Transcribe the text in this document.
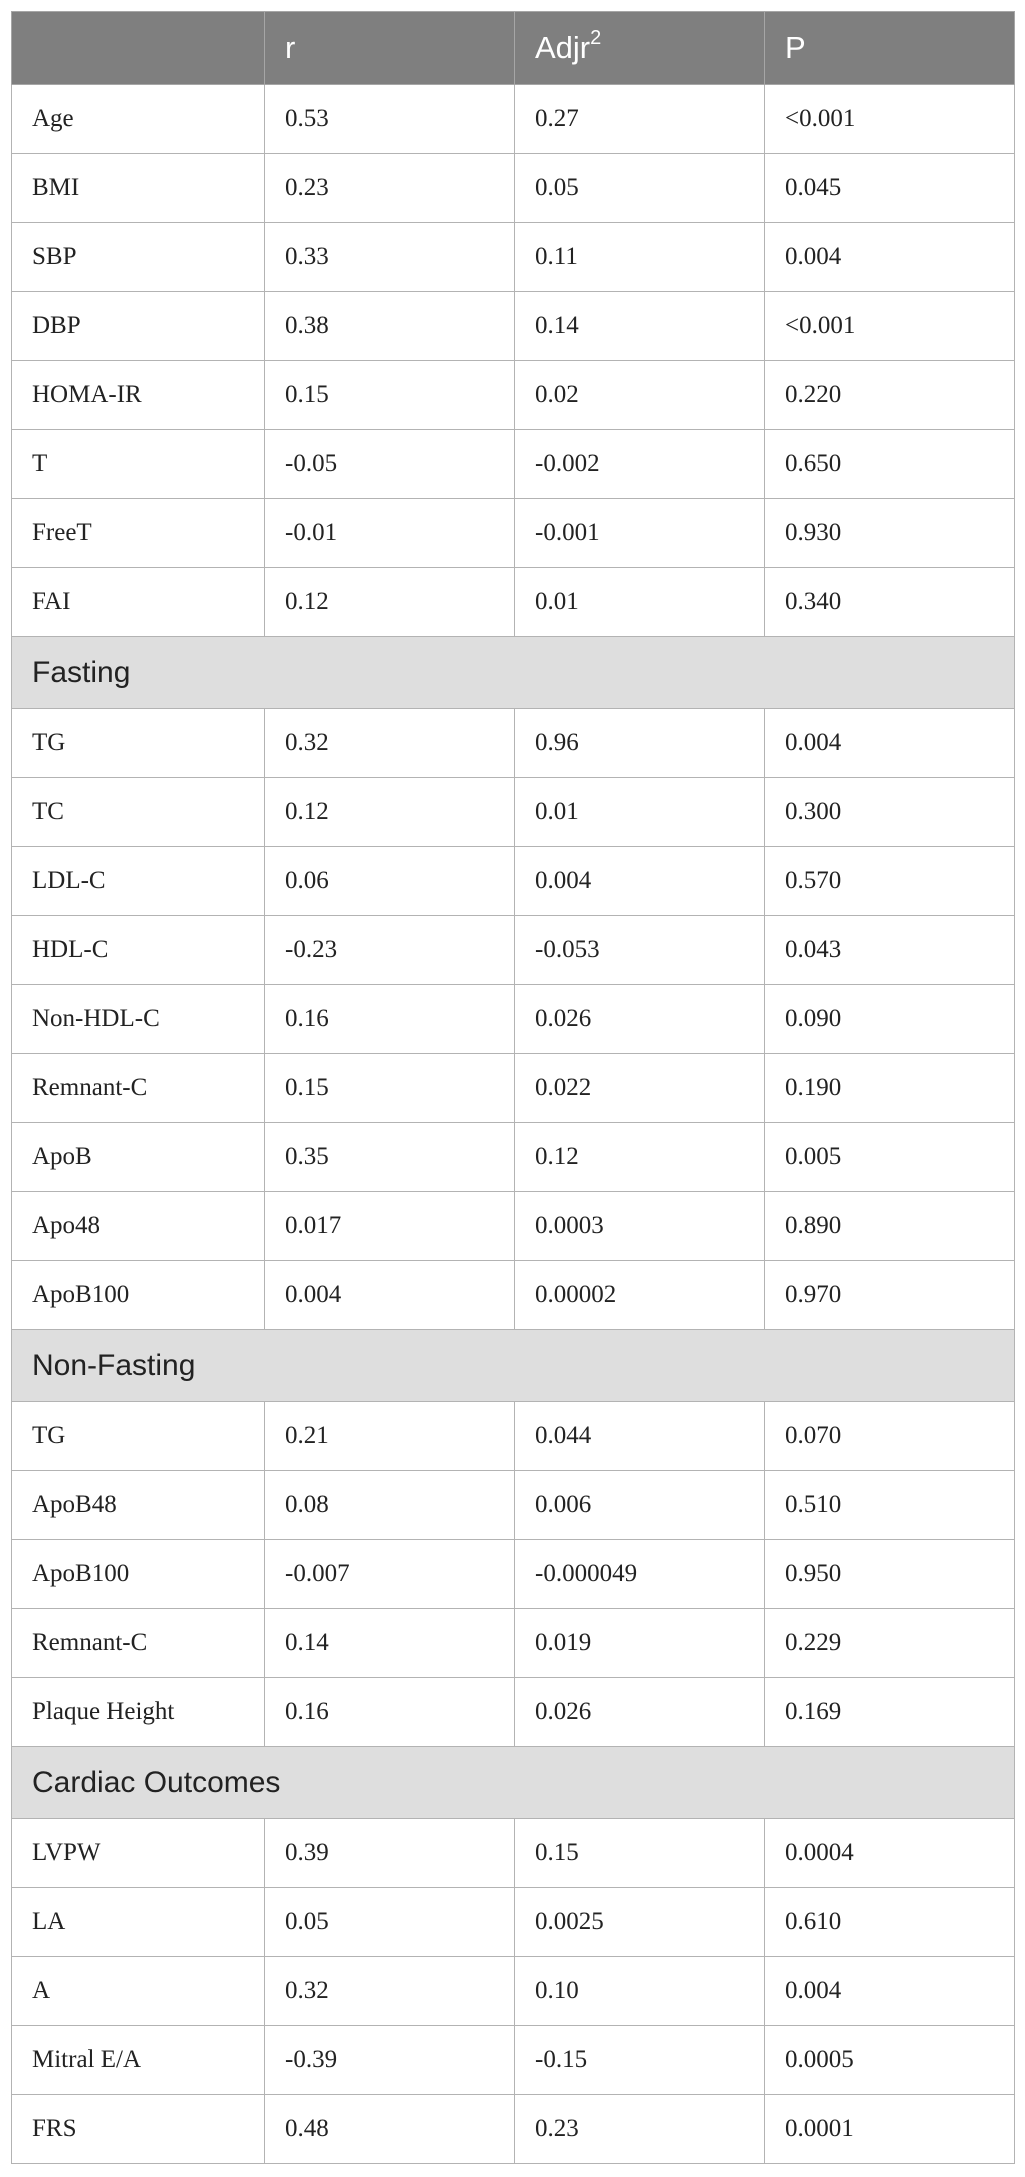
	r	Adjr$^2$	P
Age	0.53	0.27	<0.001
BMI	0.23	0.05	0.045
SBP	0.33	0.11	0.004
DBP	0.38	0.14	<0.001
HOMA-IR	0.15	0.02	0.220
T	-0.05	-0.002	0.650
FreeT	-0.01	-0.001	0.930
FAI	0.12	0.01	0.340
Fasting			
TG	0.32	0.96	0.004
TC	0.12	0.01	0.300
LDL-C	0.06	0.004	0.570
HDL-C	-0.23	-0.053	0.043
Non-HDL-C	0.16	0.026	0.090
Remnant-C	0.15	0.022	0.190
ApoB	0.35	0.12	0.005
Apo48	0.017	0.0003	0.890
ApoB100	0.004	0.00002	0.970
Non-Fasting			
TG	0.21	0.044	0.070
ApoB48	0.08	0.006	0.510
ApoB100	-0.007	-0.000049	0.950
Remnant-C	0.14	0.019	0.229
Plaque Height	0.16	0.026	0.169
Cardiac Outcomes			
LVPW	0.39	0.15	0.0004
LA	0.05	0.0025	0.610
A	0.32	0.10	0.004
Mitral E/A	-0.39	-0.15	0.0005
FRS	0.48	0.23	0.0001
